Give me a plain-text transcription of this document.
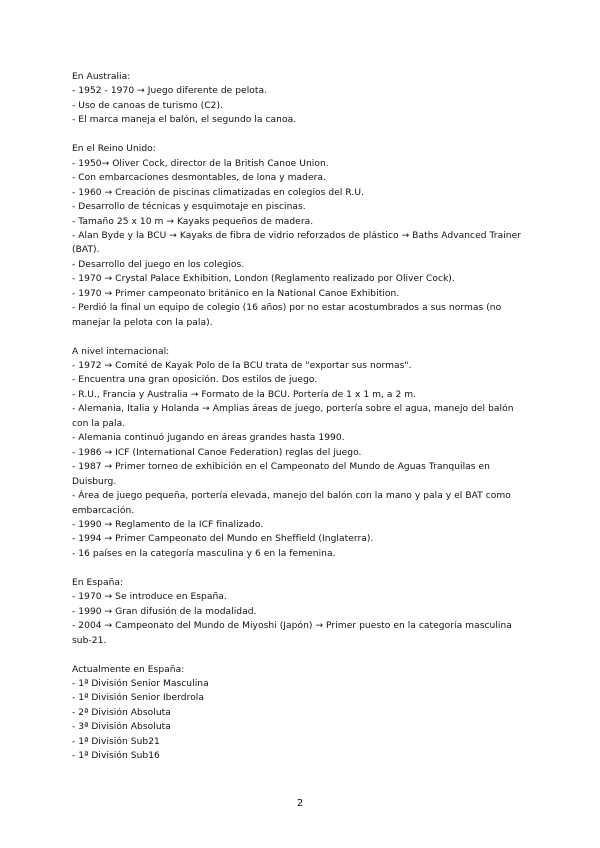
En Australia:
- 1952 - 1970 → Juego diferente de pelota.
- Uso de canoas de turismo (C2).
- El marca maneja el balón, el segundo la canoa.
En el Reino Unido:
- 1950→ Oliver Cock, director de la British Canoe Union.
- Con embarcaciones desmontables, de lona y madera.
- 1960 → Creación de piscinas climatizadas en colegios del R.U.
- Desarrollo de técnicas y esquimotaje en piscinas.
- Tamaño 25 x 10 m → Kayaks pequeños de madera.
- Alan Byde y la BCU → Kayaks de fibra de vidrio reforzados de plástico → Baths Advanced Trainer (BAT).
- Desarrollo del juego en los colegios.
- 1970 → Crystal Palace Exhibition, London (Reglamento realizado por Oliver Cock).
- 1970 → Primer campeonato británico en la National Canoe Exhibition.
- Perdió la final un equipo de colegio (16 años) por no estar acostumbrados a sus normas (no manejar la pelota con la pala).
A nivel internacional:
- 1972 → Comité de Kayak Polo de la BCU trata de "exportar sus normas".
- Encuentra una gran oposición. Dos estilos de juego.
- R.U., Francia y Australia → Formato de la BCU. Portería de 1 x 1 m, a 2 m.
- Alemania, Italia y Holanda → Amplias áreas de juego, portería sobre el agua, manejo del balón con la pala.
- Alemania continuó jugando en áreas grandes hasta 1990.
- 1986 → ICF (International Canoe Federation) reglas del juego.
- 1987 → Primer torneo de exhibición en el Campeonato del Mundo de Aguas Tranquilas en Duisburg.
- Área de juego pequeña, portería elevada, manejo del balón con la mano y pala y el BAT como embarcación.
- 1990 → Reglamento de la ICF finalizado.
- 1994 → Primer Campeonato del Mundo en Sheffield (Inglaterra).
- 16 países en la categoría masculina y 6 en la femenina.
En España:
- 1970 → Se introduce en España.
- 1990 → Gran difusión de la modalidad.
- 2004 → Campeonato del Mundo de Miyoshi (Japón) → Primer puesto en la categoría masculina sub-21.
Actualmente en España:
- 1ª División Senior Masculina
- 1ª División Senior Iberdrola
- 2ª División Absoluta
- 3ª División Absoluta
- 1ª División Sub21
- 1ª División Sub16
2
